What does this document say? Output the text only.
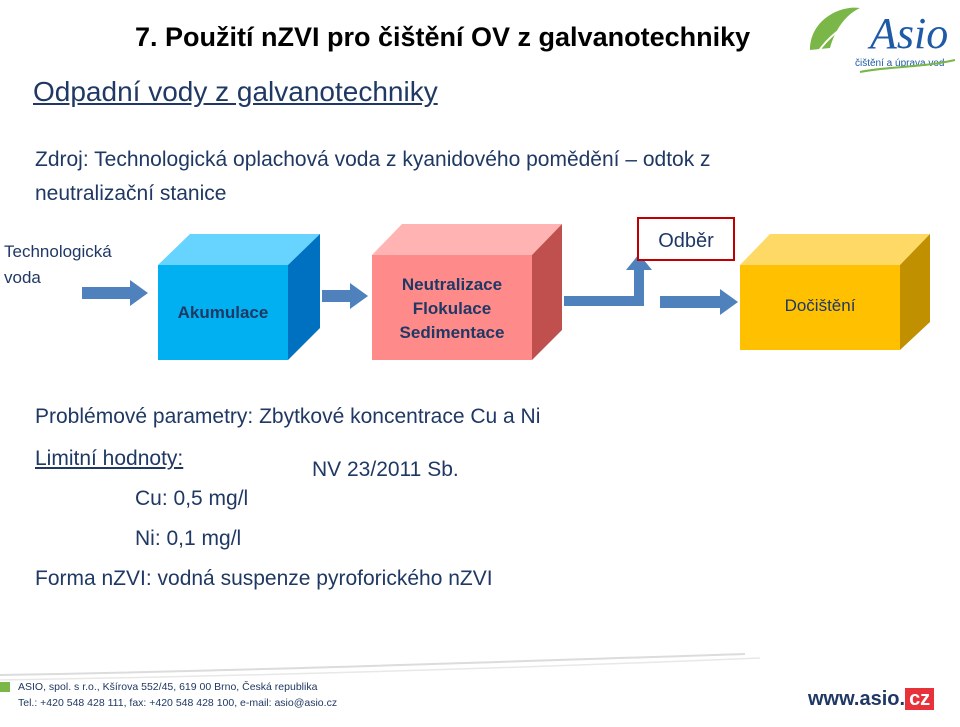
7. Použití nZVI pro čištění OV z galvanotechniky
Odpadní vody z galvanotechniky
Asio
čištění a úprava vod
Zdroj: Technologická oplachová voda z kyanidového pomědění – odtok z
neutralizační stanice
Technologická
voda
Akumulace
Neutralizace
Flokulace
Sedimentace
Odběr
Dočištění
Problémové parametry: Zbytkové koncentrace Cu a Ni
Limitní hodnoty:	NV 23/2011 Sb.
Cu: 0,5 mg/l
Ni: 0,1 mg/l
Forma nZVI: vodná suspenze pyroforického nZVI
ASIO, spol. s r.o., Kšírova 552/45, 619 00 Brno, Česká republika
Tel.: +420 548 428 111, fax: +420 548 428 100, e-mail: asio@asio.cz	www.asio. cz
